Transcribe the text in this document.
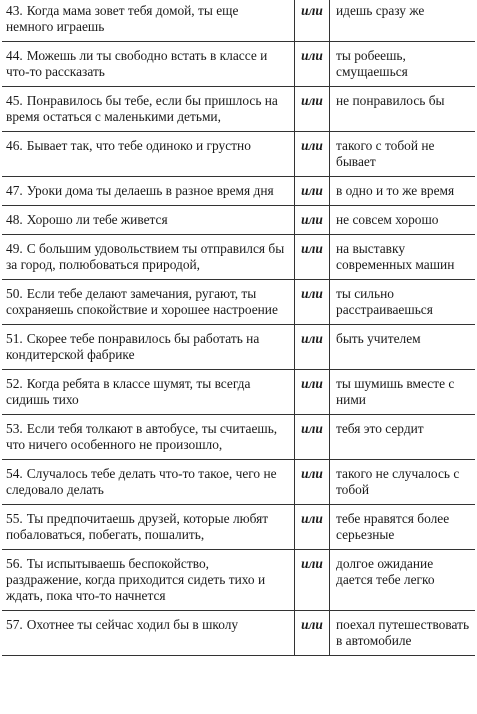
43. Когда мама зовет тебя домой, ты еще немного играешь	или	идешь сразу же
44. Можешь ли ты свободно встать в классе и что-то рассказать	или	ты робеешь, смущаешься
45. Понравилось бы тебе, если бы пришлось на время остаться с маленькими детьми,	или	не понравилось бы
46. Бывает так, что тебе одиноко и грустно	или	такого с тобой не бывает
47. Уроки дома ты делаешь в разное время дня	или	в одно и то же время
48. Хорошо ли тебе живется	или	не совсем хорошо
49. С большим удовольствием ты отправился бы за город, полюбоваться природой,	или	на выставку современных машин
50. Если тебе делают замечания, ругают, ты сохраняешь спокойствие и хорошее настроение	или	ты сильно расстраиваешься
51. Скорее тебе понравилось бы работать на кондитерской фабрике	или	быть учителем
52. Когда ребята в классе шумят, ты всегда сидишь тихо	или	ты шумишь вместе с ними
53. Если тебя толкают в автобусе, ты считаешь, что ничего особенного не произошло,	или	тебя это сердит
54. Случалось тебе делать что-то такое, чего не следовало делать	или	такого не случалось с тобой
55. Ты предпочитаешь друзей, которые любят побаловаться, побегать, пошалить,	или	тебе нравятся более серьезные
56. Ты испытываешь беспокойство, раздражение, когда приходится сидеть тихо и ждать, пока что-то начнется	или	долгое ожидание дается тебе легко
57. Охотнее ты сейчас ходил бы в школу	или	поехал путешествовать в автомобиле
